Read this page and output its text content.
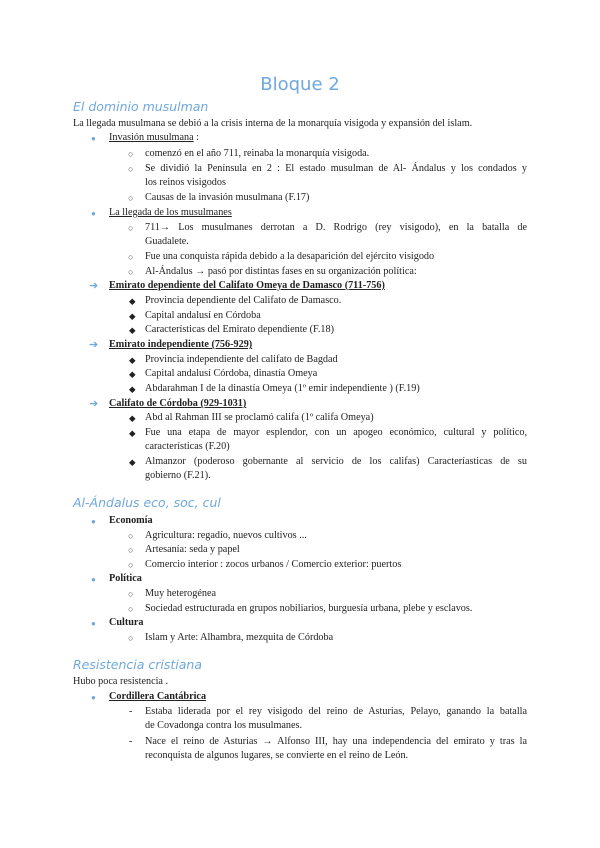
Bloque 2
El dominio musulman
La llegada musulmana se debió a la crisis interna de la monarquía visigoda y expansión del islam.
● Invasión musulmana :
○ comenzó en el año 711, reinaba la monarquía visigoda.
○ Se dividió la Península en 2 : El estado musulman de Al- Ándalus y los condados y
los reinos visigodos
○ Causas de la invasión musulmana (F.17)
● La llegada de los musulmanes
○ 711→ Los musulmanes derrotan a D. Rodrigo (rey visigodo), en la batalla de
Guadalete.
○ Fue una conquista rápida debido a la desaparición del ejército visigodo
○ Al-Ándalus → pasó por distintas fases en su organización política:
➔ Emirato dependiente del Califato Omeya de Damasco (711-756)
◆ Provincia dependiente del Califato de Damasco.
◆ Capital andalusí en Córdoba
◆ Características del Emirato dependiente (F.18)
➔ Emirato independiente (756-929)
◆ Provincia independiente del califato de Bagdad
◆ Capital andalusí Córdoba, dinastía Omeya
◆ Abdarahman I de la dinastía Omeya (1º emir independiente ) (F.19)
➔ Califato de Córdoba (929-1031)
◆ Abd al Rahman III se proclamó califa (1º califa Omeya)
◆ Fue una etapa de mayor esplendor, con un apogeo económico, cultural y político,
características (F.20)
◆ Almanzor (poderoso gobernante al servicio de los califas) Caracteríasticas de su
gobierno (F.21).
Al-Ándalus eco, soc, cul
● Economía
○ Agricultura: regadío, nuevos cultivos ...
○ Artesanía: seda y papel
○ Comercio interior : zocos urbanos / Comercio exterior: puertos
● Política
○ Muy heterogénea
○ Sociedad estructurada en grupos nobiliarios, burguesía urbana, plebe y esclavos.
● Cultura
○ Islam y Arte: Alhambra, mezquita de Córdoba
Resistencia cristiana
Hubo poca resistencia .
● Cordillera Cantábrica
- Estaba liderada por el rey visigodo del reino de Asturias, Pelayo, ganando la batalla
de Covadonga contra los musulmanes.
- Nace el reino de Asturias → Alfonso III, hay una independencia del emirato y tras la
reconquista de algunos lugares, se convierte en el reino de León.
